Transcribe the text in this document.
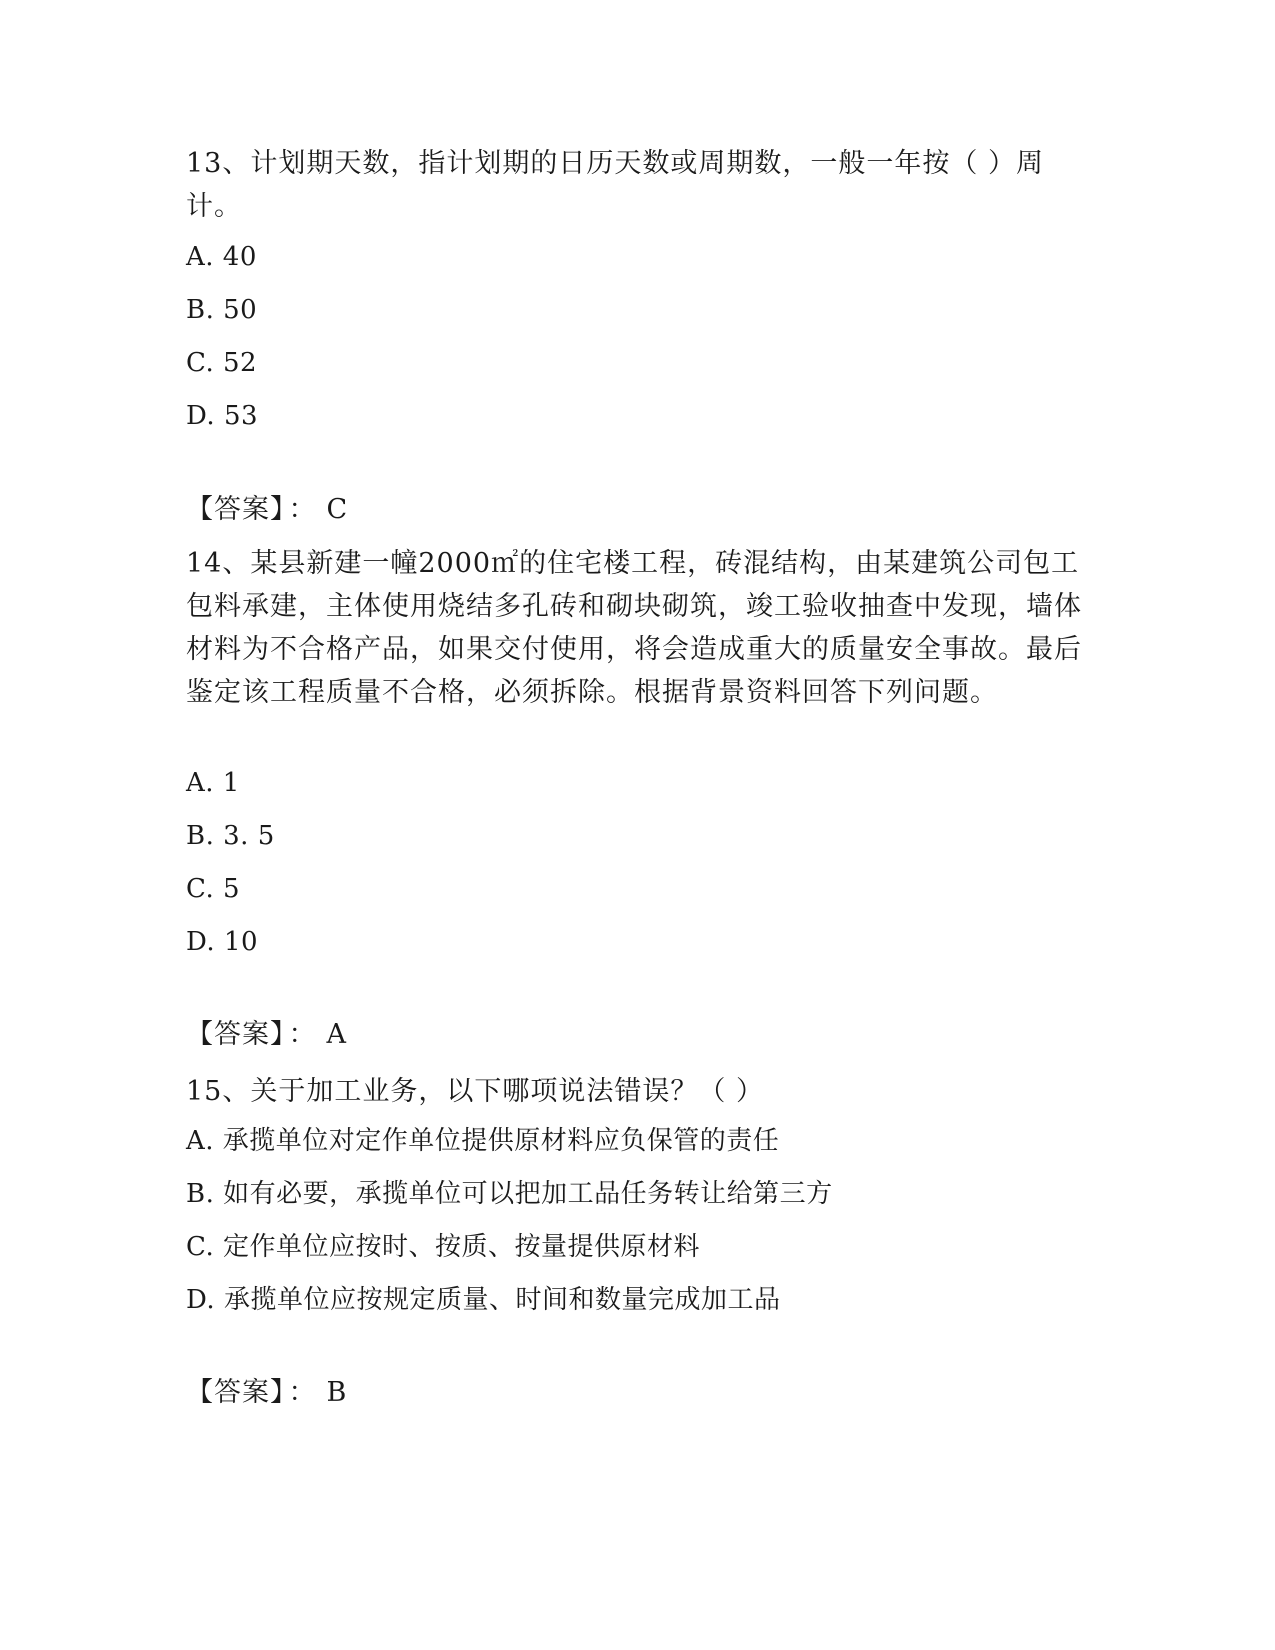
13、计划期天数，指计划期的日历天数或周期数，一般一年按（ ）周计。

A. 40

B. 50

C. 52

D. 53

【答案】 ： C

14、某县新建一幢2000㎡的住宅楼工程，砖混结构，由某建筑公司包工包料承建，主体使用烧结多孔砖和砌块砌筑，竣工验收抽查中发现，墙体材料为不合格产品，如果交付使用，将会造成重大的质量安全事故。最后鉴定该工程质量不合格，必须拆除。根据背景资料回答下列问题。

A. 1

B. 3. 5

C. 5

D. 10

【答案】 ： A

15、关于加工业务，以下哪项说法错误？（ ）

A. 承揽单位对定作单位提供原材料应负保管的责任

B. 如有必要，承揽单位可以把加工品任务转让给第三方

C. 定作单位应按时、按质、按量提供原材料

D. 承揽单位应按规定质量、时间和数量完成加工品

【答案】 ： B
